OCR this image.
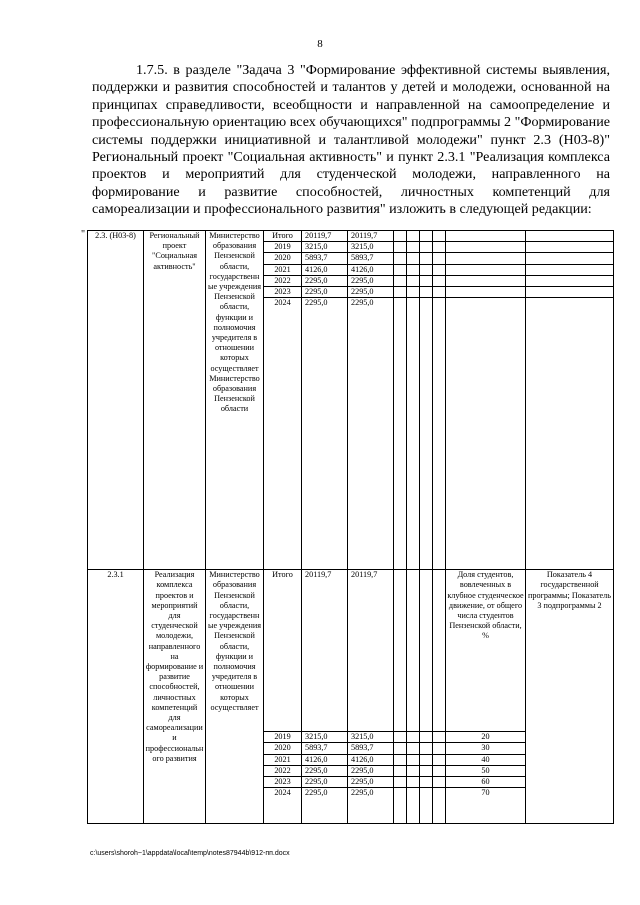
8

1.7.5. в разделе "Задача 3 "Формирование эффективной системы выявления, поддержки и развития способностей и талантов у детей и молодежи, основанной на принципах справедливости, всеобщности и направленной на самоопределение и профессиональную ориентацию всех обучающихся" подпрограммы 2 "Формирование системы поддержки инициативной и талантливой молодежи" пункт 2.3 (Н03-8)" Региональный проект "Социальная активность" и пункт 2.3.1 "Реализация комплекса проектов и мероприятий для студенческой молодежи, направленного на формирование и развитие способностей, личностных компетенций для самореализации и профессионального развития" изложить в следующей редакции:

" 2.3. (Н03-8)	Региональный проект "Социальная активность"	Министерство образования Пензенской области, государственные учреждения Пензенской области, функции и полномочия учредителя в отношении которых осуществляет Министерство образования Пензенской области	Итого	20119,7	20119,7						
			2019	3215,0	3215,0						
			2020	5893,7	5893,7						
			2021	4126,0	4126,0						
			2022	2295,0	2295,0						
			2023	2295,0	2295,0						
			2024	2295,0	2295,0						
2.3.1	Реализация комплекса проектов и мероприятий для студенческой молодежи, направленного на формирование и развитие способностей, личностных компетенций для самореализации и профессионального развития	Министерство образования Пензенской области, государственные учреждения Пензенской области, функции и полномочия учредителя в отношении которых осуществляет	Итого	20119,7	20119,7					Доля студентов, вовлеченных в клубное студенческое движение, от общего числа студентов Пензенской области, %	Показатель 4 государственной программы; Показатель 3 подпрограммы 2
			2019	3215,0	3215,0					20	
			2020	5893,7	5893,7					30	
			2021	4126,0	4126,0					40	
			2022	2295,0	2295,0					50	
			2023	2295,0	2295,0					60	
			2024	2295,0	2295,0					70	
c:\users\shoroh~1\appdata\local\temp\notes87944b\912-пп.docx
